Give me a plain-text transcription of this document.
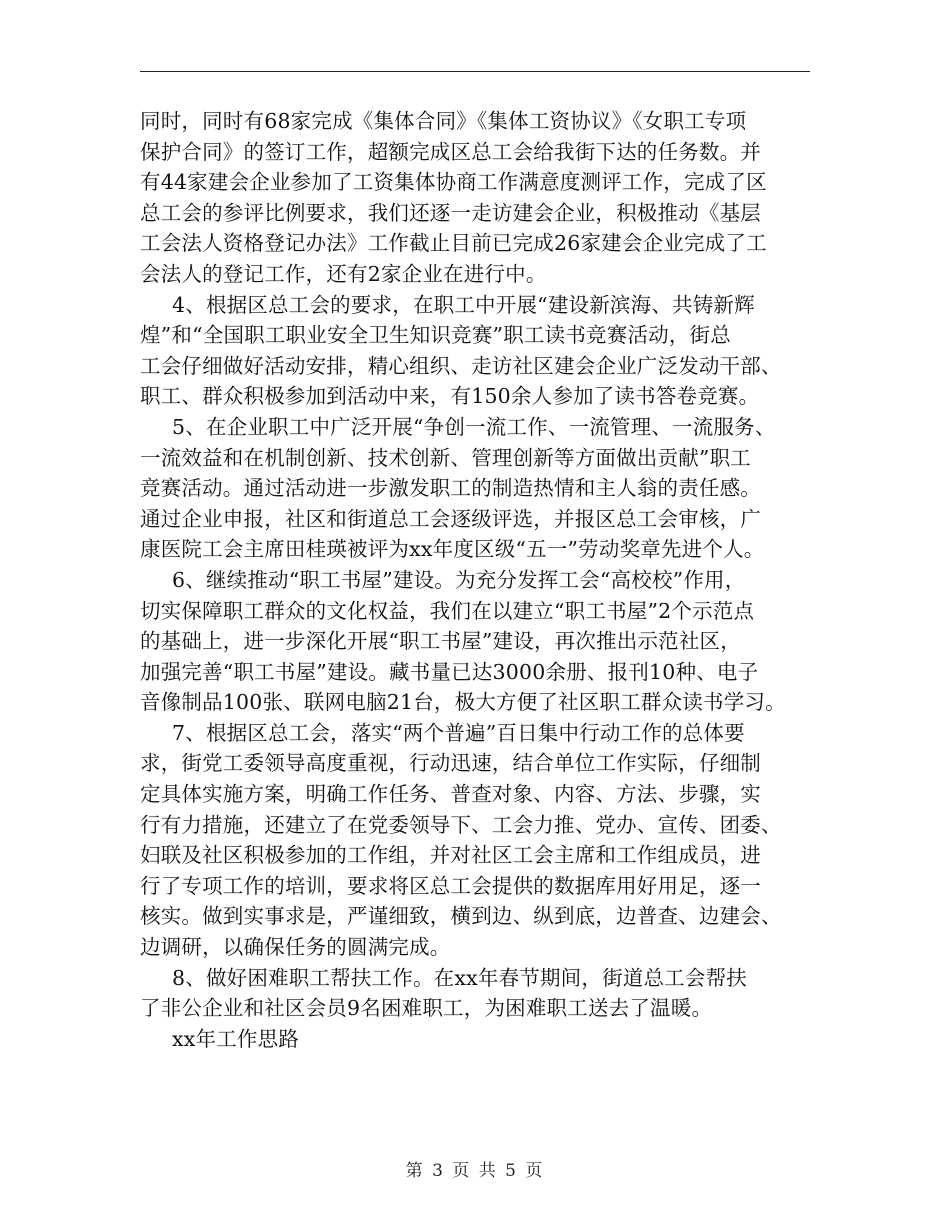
同时，同时有68家完成《集体合同》《集体工资协议》《女职工专项
保护合同》的签订工作，超额完成区总工会给我街下达的任务数。并
有44家建会企业参加了工资集体协商工作满意度测评工作，完成了区
总工会的参评比例要求，我们还逐一走访建会企业，积极推动《基层
工会法人资格登记办法》工作截止目前已完成26家建会企业完成了工
会法人的登记工作，还有2家企业在进行中。
4、根据区总工会的要求，在职工中开展“建设新滨海、共铸新辉
煌”和“全国职工职业安全卫生知识竞赛”职工读书竞赛活动，街总
工会仔细做好活动安排，精心组织、走访社区建会企业广泛发动干部、
职工、群众积极参加到活动中来，有150余人参加了读书答卷竞赛。
5、在企业职工中广泛开展“争创一流工作、一流管理、一流服务、
一流效益和在机制创新、技术创新、管理创新等方面做出贡献”职工
竞赛活动。通过活动进一步激发职工的制造热情和主人翁的责任感。
通过企业申报，社区和街道总工会逐级评选，并报区总工会审核，广
康医院工会主席田桂瑛被评为xx年度区级“五一”劳动奖章先进个人。
6、继续推动“职工书屋”建设。为充分发挥工会“高校校”作用，
切实保障职工群众的文化权益，我们在以建立“职工书屋”2个示范点
的基础上，进一步深化开展“职工书屋”建设，再次推出示范社区，
加强完善“职工书屋”建设。藏书量已达3000余册、报刊10种、电子
音像制品100张、联网电脑21台，极大方便了社区职工群众读书学习。
7、根据区总工会，落实“两个普遍”百日集中行动工作的总体要
求，街党工委领导高度重视，行动迅速，结合单位工作实际，仔细制
定具体实施方案，明确工作任务、普查对象、内容、方法、步骤，实
行有力措施，还建立了在党委领导下、工会力推、党办、宣传、团委、
妇联及社区积极参加的工作组，并对社区工会主席和工作组成员，进
行了专项工作的培训，要求将区总工会提供的数据库用好用足，逐一
核实。做到实事求是，严谨细致，横到边、纵到底，边普查、边建会、
边调研，以确保任务的圆满完成。
8、做好困难职工帮扶工作。在xx年春节期间，街道总工会帮扶
了非公企业和社区会员9名困难职工，为困难职工送去了温暖。
xx年工作思路
第 3 页 共 5 页
